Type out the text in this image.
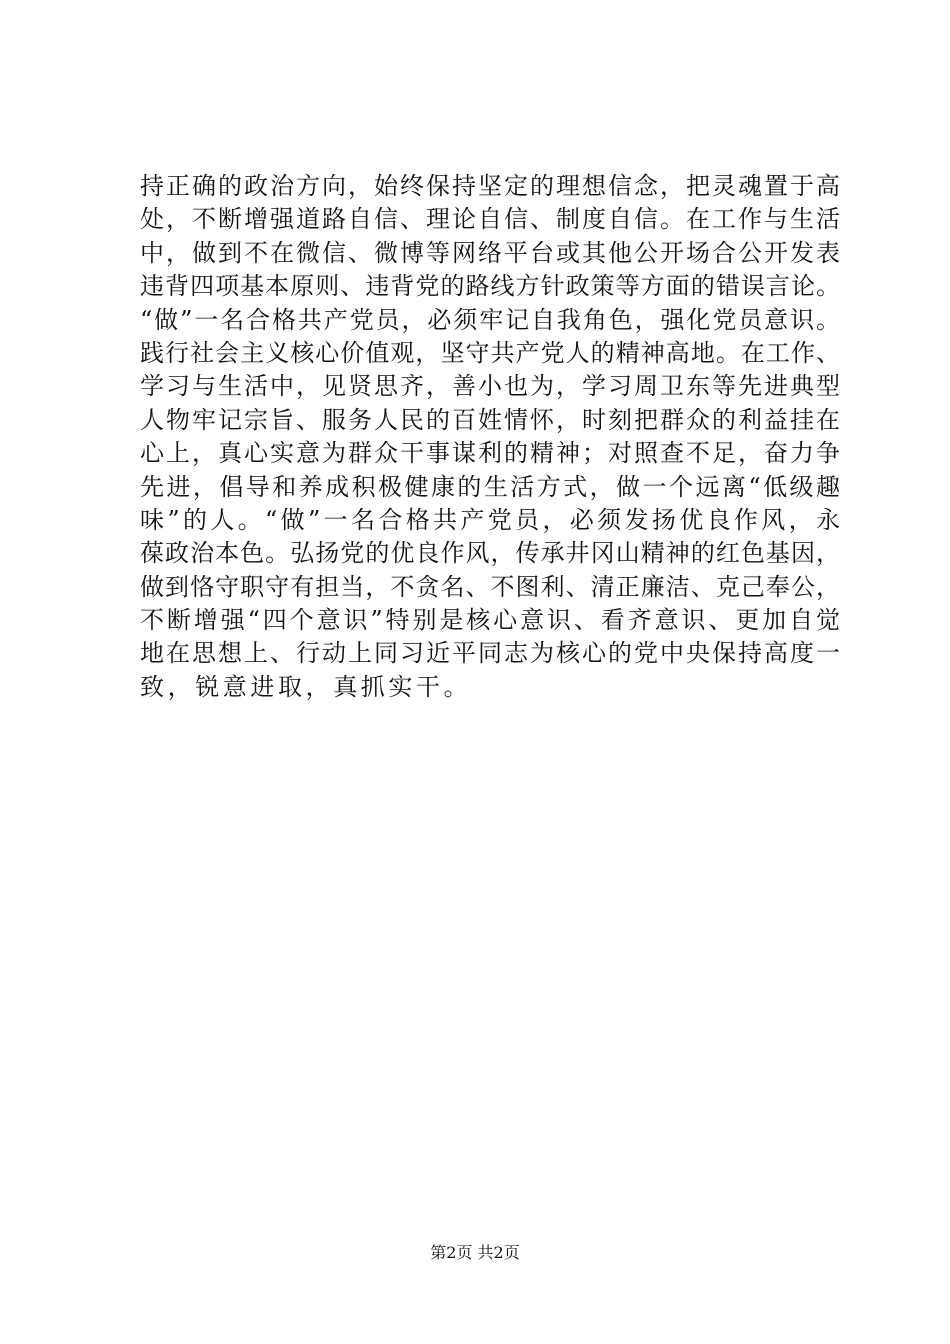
持正确的政治方向，始终保持坚定的理想信念，把灵魂置于高
处，不断增强道路自信、理论自信、制度自信。在工作与生活
中，做到不在微信、微博等网络平台或其他公开场合公开发表
违背四项基本原则、违背党的路线方针政策等方面的错误言论。
“做”一名合格共产党员，必须牢记自我角色，强化党员意识。
践行社会主义核心价值观，坚守共产党人的精神高地。在工作、
学习与生活中，见贤思齐，善小也为，学习周卫东等先进典型
人物牢记宗旨、服务人民的百姓情怀，时刻把群众的利益挂在
心上，真心实意为群众干事谋利的精神；对照查不足，奋力争
先进，倡导和养成积极健康的生活方式，做一个远离“低级趣
味”的人。“做”一名合格共产党员，必须发扬优良作风，永
葆政治本色。弘扬党的优良作风，传承井冈山精神的红色基因，
做到恪守职守有担当，不贪名、不图利、清正廉洁、克己奉公，
不断增强“四个意识”特别是核心意识、看齐意识、更加自觉
地在思想上、行动上同习近平同志为核心的党中央保持高度一
致，锐意进取，真抓实干。
第2页 共2页
